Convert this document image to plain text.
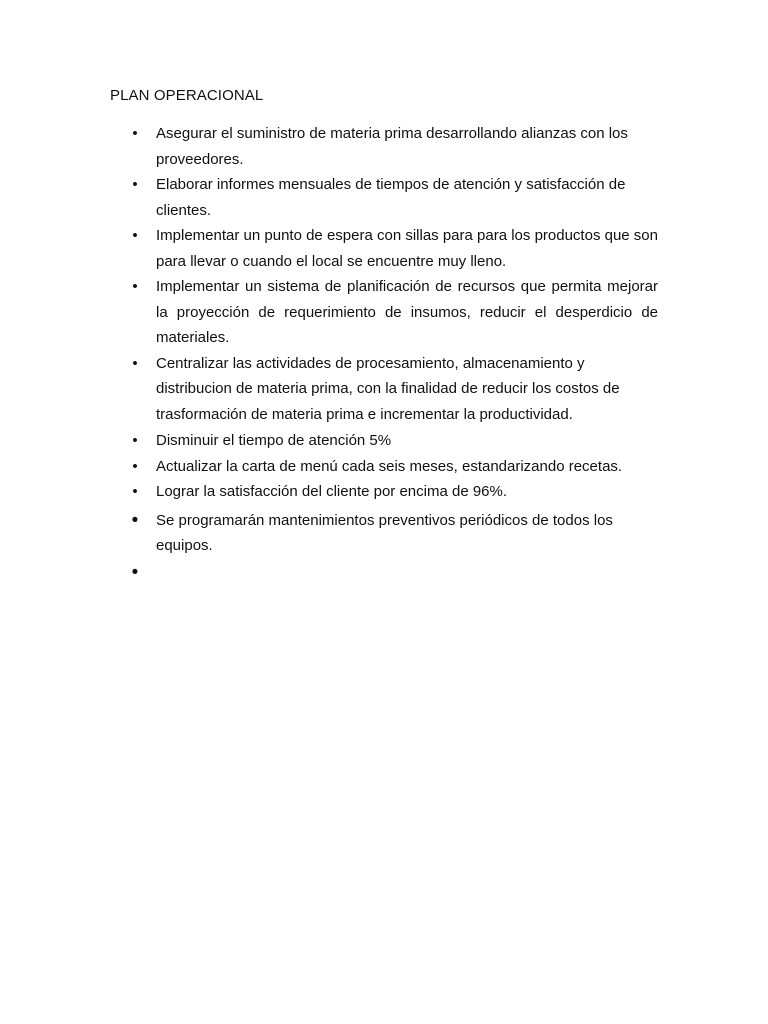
PLAN OPERACIONAL
• Asegurar el suministro de materia prima desarrollando alianzas con los proveedores.
• Elaborar informes mensuales de tiempos de atención y satisfacción de clientes.
• Implementar un punto de espera con sillas para para los productos que son para llevar o cuando el local se encuentre muy lleno.
• Implementar un sistema de planificación de recursos que permita mejorar la proyección de requerimiento de insumos, reducir el desperdicio de materiales.
• Centralizar las actividades de procesamiento, almacenamiento y distribucion de materia prima, con la finalidad de reducir los costos de trasformación de materia prima e incrementar la productividad.
• Disminuir el tiempo de atención 5%
• Actualizar la carta de menú cada seis meses, estandarizando recetas.
• Lograr la satisfacción del cliente por encima de 96%.
• Se programarán mantenimientos preventivos periódicos de todos los equipos.
•
